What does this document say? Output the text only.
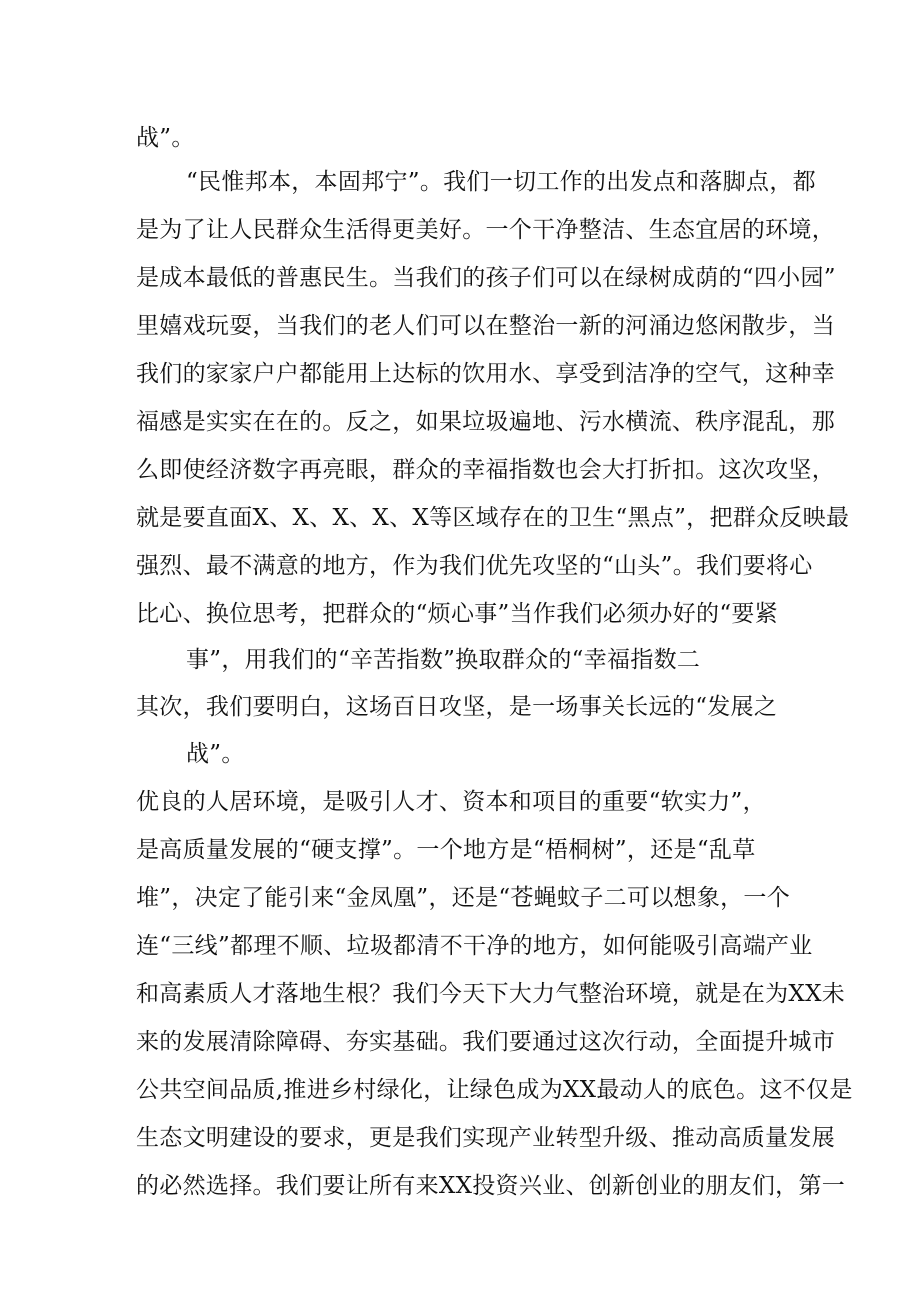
战”。
“民惟邦本，本固邦宁”。我们一切工作的出发点和落脚点，都
是为了让人民群众生活得更美好。一个干净整洁、生态宜居的环境，
是成本最低的普惠民生。当我们的孩子们可以在绿树成荫的“四小园”
里嬉戏玩耍，当我们的老人们可以在整治一新的河涌边悠闲散步，当
我们的家家户户都能用上达标的饮用水、享受到洁净的空气，这种幸
福感是实实在在的。反之，如果垃圾遍地、污水横流、秩序混乱，那
么即使经济数字再亮眼，群众的幸福指数也会大打折扣。这次攻坚，
就是要直面X、X、X、X、X等区域存在的卫生“黑点”，把群众反映最
强烈、最不满意的地方，作为我们优先攻坚的“山头”。我们要将心
比心、换位思考，把群众的“烦心事”当作我们必须办好的“要紧
事”，用我们的“辛苦指数”换取群众的“幸福指数二
其次，我们要明白，这场百日攻坚，是一场事关长远的“发展之
战”。
优良的人居环境，是吸引人才、资本和项目的重要“软实力”，
是高质量发展的“硬支撑”。一个地方是“梧桐树”，还是“乱草
堆”，决定了能引来“金凤凰”，还是“苍蝇蚊子二可以想象，一个
连“三线”都理不顺、垃圾都清不干净的地方，如何能吸引高端产业
和高素质人才落地生根？我们今天下大力气整治环境，就是在为XX未
来的发展清除障碍、夯实基础。我们要通过这次行动，全面提升城市
公共空间品质,推进乡村绿化，让绿色成为XX最动人的底色。这不仅是
生态文明建设的要求，更是我们实现产业转型升级、推动高质量发展
的必然选择。我们要让所有来XX投资兴业、创新创业的朋友们，第一
